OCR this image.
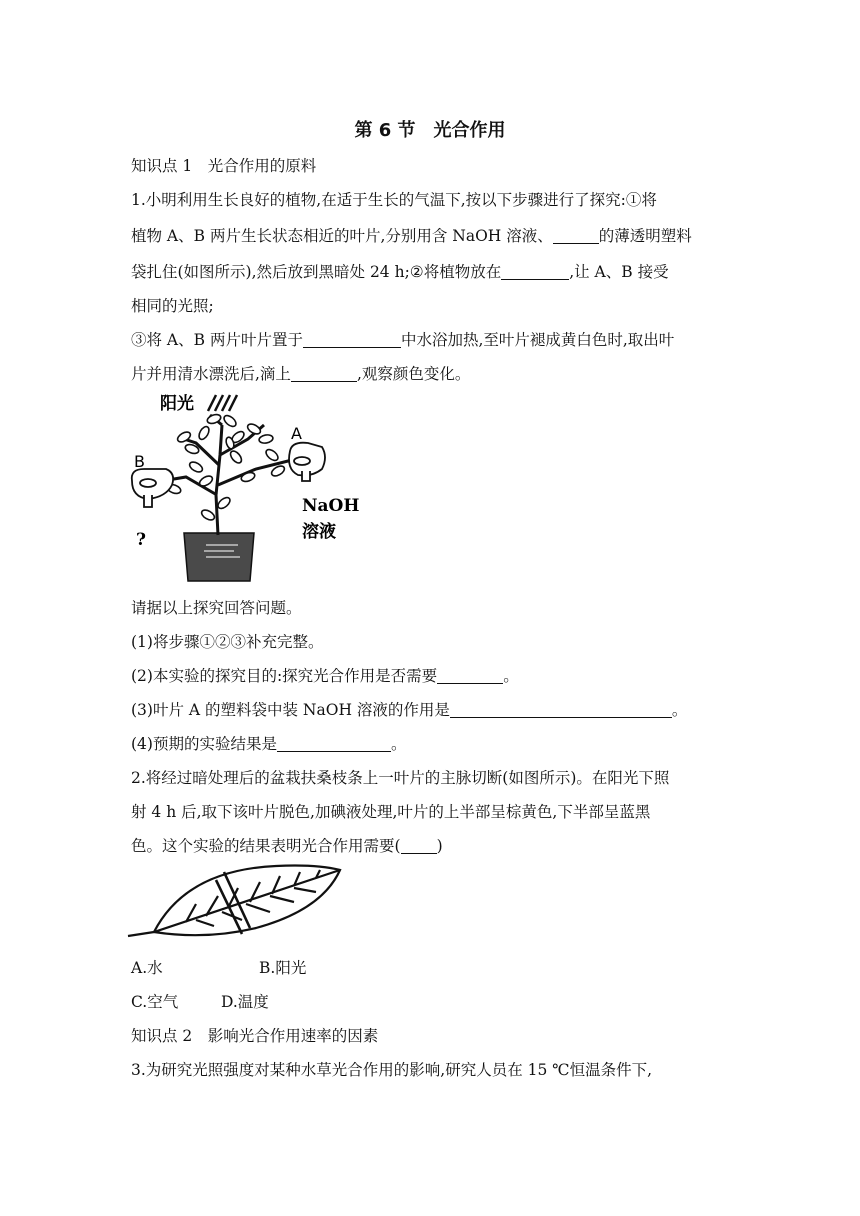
第 6 节　光合作用
知识点 1　光合作用的原料
1.小明利用生长良好的植物,在适于生长的气温下,按以下步骤进行了探究:①将
植物 A、B 两片生长状态相近的叶片,分别用含 NaOH 溶液、	的薄透明塑料
袋扎住(如图所示),然后放到黑暗处 24 h;②将植物放在	,让 A、B 接受
相同的光照;
③将 A、B 两片叶片置于	中水浴加热,至叶片褪成黄白色时,取出叶
片并用清水漂洗后,滴上	,观察颜色变化。
阳光
A
B
NaOH
溶液
?
请据以上探究回答问题。
(1)将步骤①②③补充完整。
(2)本实验的探究目的:探究光合作用是否需要	。
(3)叶片 A 的塑料袋中装 NaOH 溶液的作用是	。
(4)预期的实验结果是	。
2.将经过暗处理后的盆栽扶桑枝条上一叶片的主脉切断(如图所示)。在阳光下照
射 4 h 后,取下该叶片脱色,加碘液处理,叶片的上半部呈棕黄色,下半部呈蓝黑
色。这个实验的结果表明光合作用需要( )
A.水	B.阳光
C.空气	D.温度
知识点 2　影响光合作用速率的因素
3.为研究光照强度对某种水草光合作用的影响,研究人员在 15 ℃恒温条件下,
